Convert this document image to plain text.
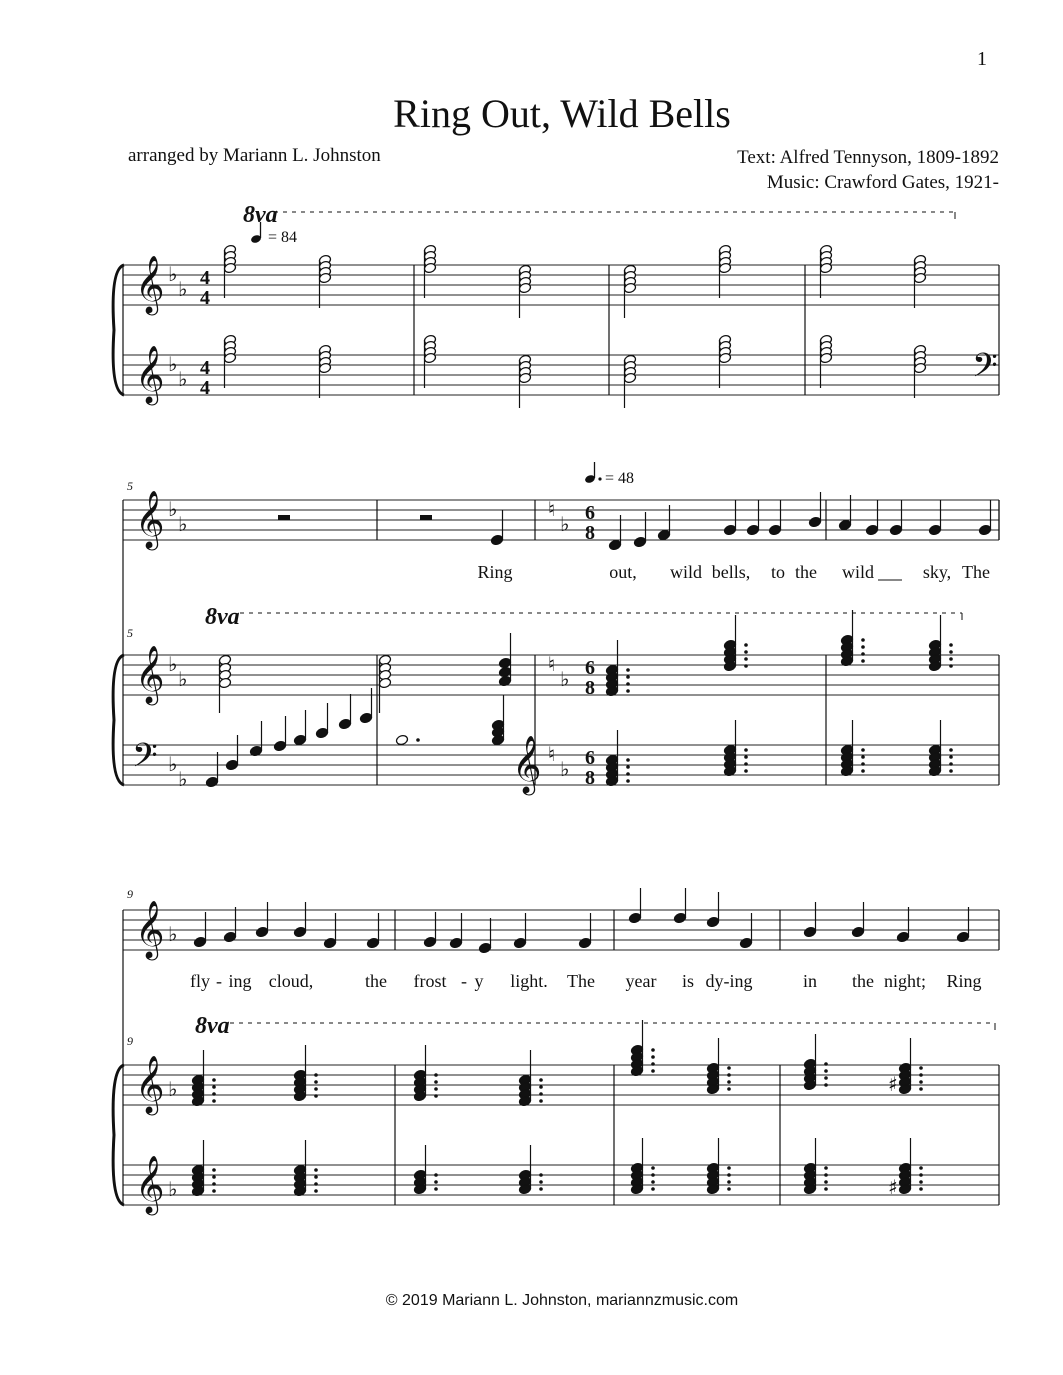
1
Ring Out, Wild Bells
arranged by Mariann L. Johnston	Text: Alfred Tennyson, 1809-1892
Music: Crawford Gates, 1921-
𝄞
𝄞
♭
♭ 4
4
♭
♭ 4
4	𝄢
𝄞
𝄞
𝄢
♭
♭
♭
♭
♭
♭
♮
♭ 6
8
♮
♭ 6
8
𝄞 ♮
♭ 6
8
𝄞
𝄞
𝄞
♭
♭
♭
♯
♯
8va
= 84
= 48
8va
8va
5
5
9
9
Ring	out, wild bells, to the wild	sky, The
fly - ing cloud,	the frost - y light. The year is dy-ing	in the night; Ring
© 2019 Mariann L. Johnston, mariannzmusic.com
